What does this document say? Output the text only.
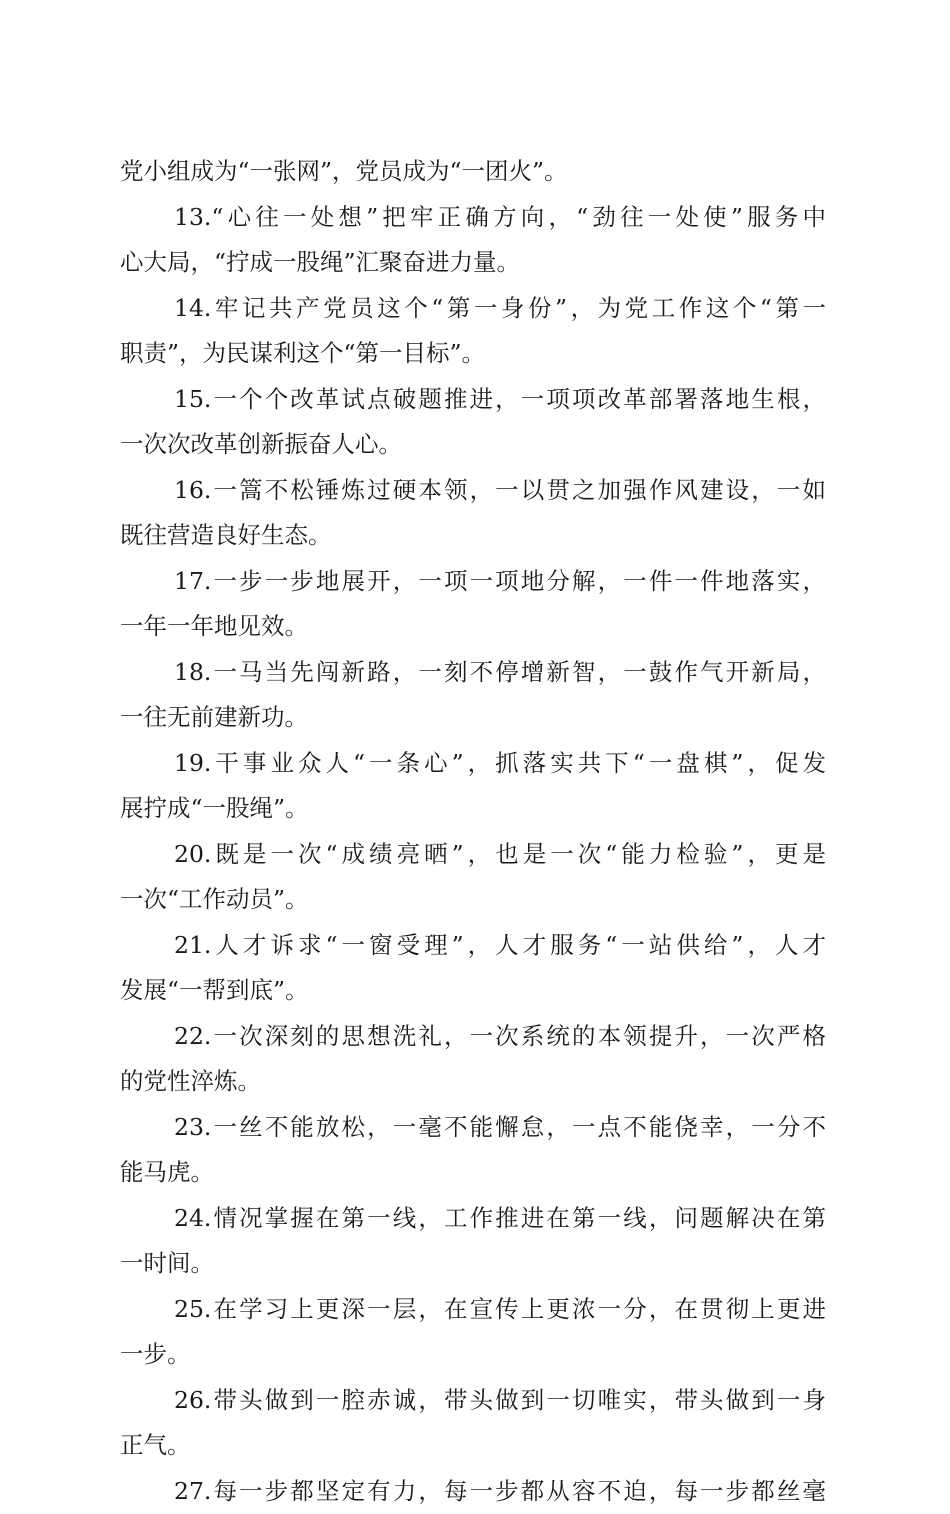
党小组成为“一张网”，党员成为“一团火”。
13.“心往一处想”把牢正确方向，“劲往一处使”服务中
心大局，“拧成一股绳”汇聚奋进力量。
14.牢记共产党员这个“第一身份”，为党工作这个“第一
职责”，为民谋利这个“第一目标”。
15.一个个改革试点破题推进，一项项改革部署落地生根，
一次次改革创新振奋人心。
16.一篙不松锤炼过硬本领，一以贯之加强作风建设，一如
既往营造良好生态。
17.一步一步地展开，一项一项地分解，一件一件地落实，
一年一年地见效。
18.一马当先闯新路，一刻不停增新智，一鼓作气开新局，
一往无前建新功。
19.干事业众人“一条心”，抓落实共下“一盘棋”，促发
展拧成“一股绳”。
20.既是一次“成绩亮晒”，也是一次“能力检验”，更是
一次“工作动员”。
21.人才诉求“一窗受理”，人才服务“一站供给”，人才
发展“一帮到底”。
22.一次深刻的思想洗礼，一次系统的本领提升，一次严格
的党性淬炼。
23.一丝不能放松，一毫不能懈怠，一点不能侥幸，一分不
能马虎。
24.情况掌握在第一线，工作推进在第一线，问题解决在第
一时间。
25.在学习上更深一层，在宣传上更浓一分，在贯彻上更进
一步。
26.带头做到一腔赤诚，带头做到一切唯实，带头做到一身
正气。
27.每一步都坚定有力，每一步都从容不迫，每一步都丝毫
